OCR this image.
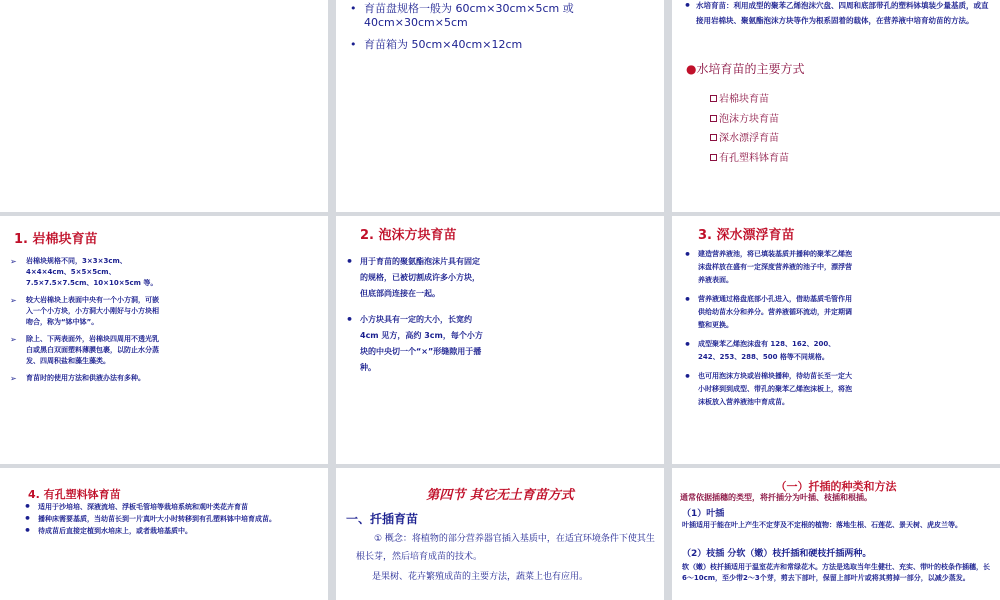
• 育苗盘规格一般为 60cm×30cm×5cm 或 40cm×30cm×5cm
• 育苗箱为 50cm×40cm×12cm
• 水培育苗：利用成型的聚苯乙烯泡沫穴盘、四周和底部带孔的塑料钵填装少量基质，或直接用岩棉块、聚氨酯泡沫方块等作为根系固着的载体，在营养液中培育幼苗的方法。
●水培育苗的主要方式
岩棉块育苗
泡沫方块育苗
深水漂浮育苗
有孔塑料钵育苗
1. 岩棉块育苗
➢ 岩棉块规格不同，3×3×3cm、4×4×4cm、5×5×5cm、7.5×7.5×7.5cm、10×10×5cm 等。
➢ 较大岩棉块上表面中央有一个小方洞，可嵌入一个小方块，小方洞大小刚好与小方块相吻合，称为“钵中钵”。
➢ 除上、下两表面外，岩棉块四周用不透光乳白或黑白双面塑料薄膜包裹，以防止水分蒸发、四周积盐和藻生藻类。
➢ 育苗时的使用方法和供液办法有多种。
2. 泡沫方块育苗
• 用于育苗的聚氨酯泡沫片具有固定的规格，已被切割成许多小方块，但底部尚连接在一起。
• 小方块具有一定的大小，长宽约 4cm 见方，高约 3cm，每个小方块的中央切一个“×”形缝隙用于播种。
3. 深水漂浮育苗
• 建造营养液池，将已填装基质并播种的聚苯乙烯泡沫盘样放在盛有一定深度营养液的池子中，漂浮营养液表面。
• 营养液通过格盘底部小孔进入，借助基质毛管作用供给幼苗水分和养分。营养液循环流动，并定期调整和更换。
• 成型聚苯乙烯泡沫盘有 128、162、200、242、253、288、500 格等不同规格。
• 也可用泡沫方块或岩棉块播种，待幼苗长至一定大小时移到到成型、带孔的聚苯乙烯泡沫板上，将泡沫板放入营养液池中育成苗。
4. 有孔塑料钵育苗
• 适用于沙培培、深液流培、浮板毛管培等栽培系统和观叶类花卉育苗
• 播种床需要基质，当幼苗长到一片真叶大小时转移到有孔塑料钵中培育成苗。
• 待成苗后直接定植到水培床上，或者栽培基质中。
第四节 其它无土育苗方式
一、扦插育苗
① 概念：将植物的部分营养器官插入基质中，在适宜环境条件下使其生根长芽，然后培育成苗的技术。
是果树、花卉繁殖成苗的主要方法，蔬菜上也有应用。
（一）扦插的种类和方法
通常依据插穗的类型，将扦插分为叶插、枝插和根插。
（1）叶插
叶插适用于能在叶上产生不定芽及不定根的植物：落地生根、石莲花、景天树、虎皮兰等。
（2）枝插 分软（嫩）枝扦插和硬枝扦插两种。
软（嫩）枝扦插适用于温室花卉和常绿花木。方法是选取当年生健壮、充实、带叶的枝条作插穗，长6～10cm，至少带2～3个芽，剪去下部叶，保留上部叶片或将其剪掉一部分，以减少蒸发。
